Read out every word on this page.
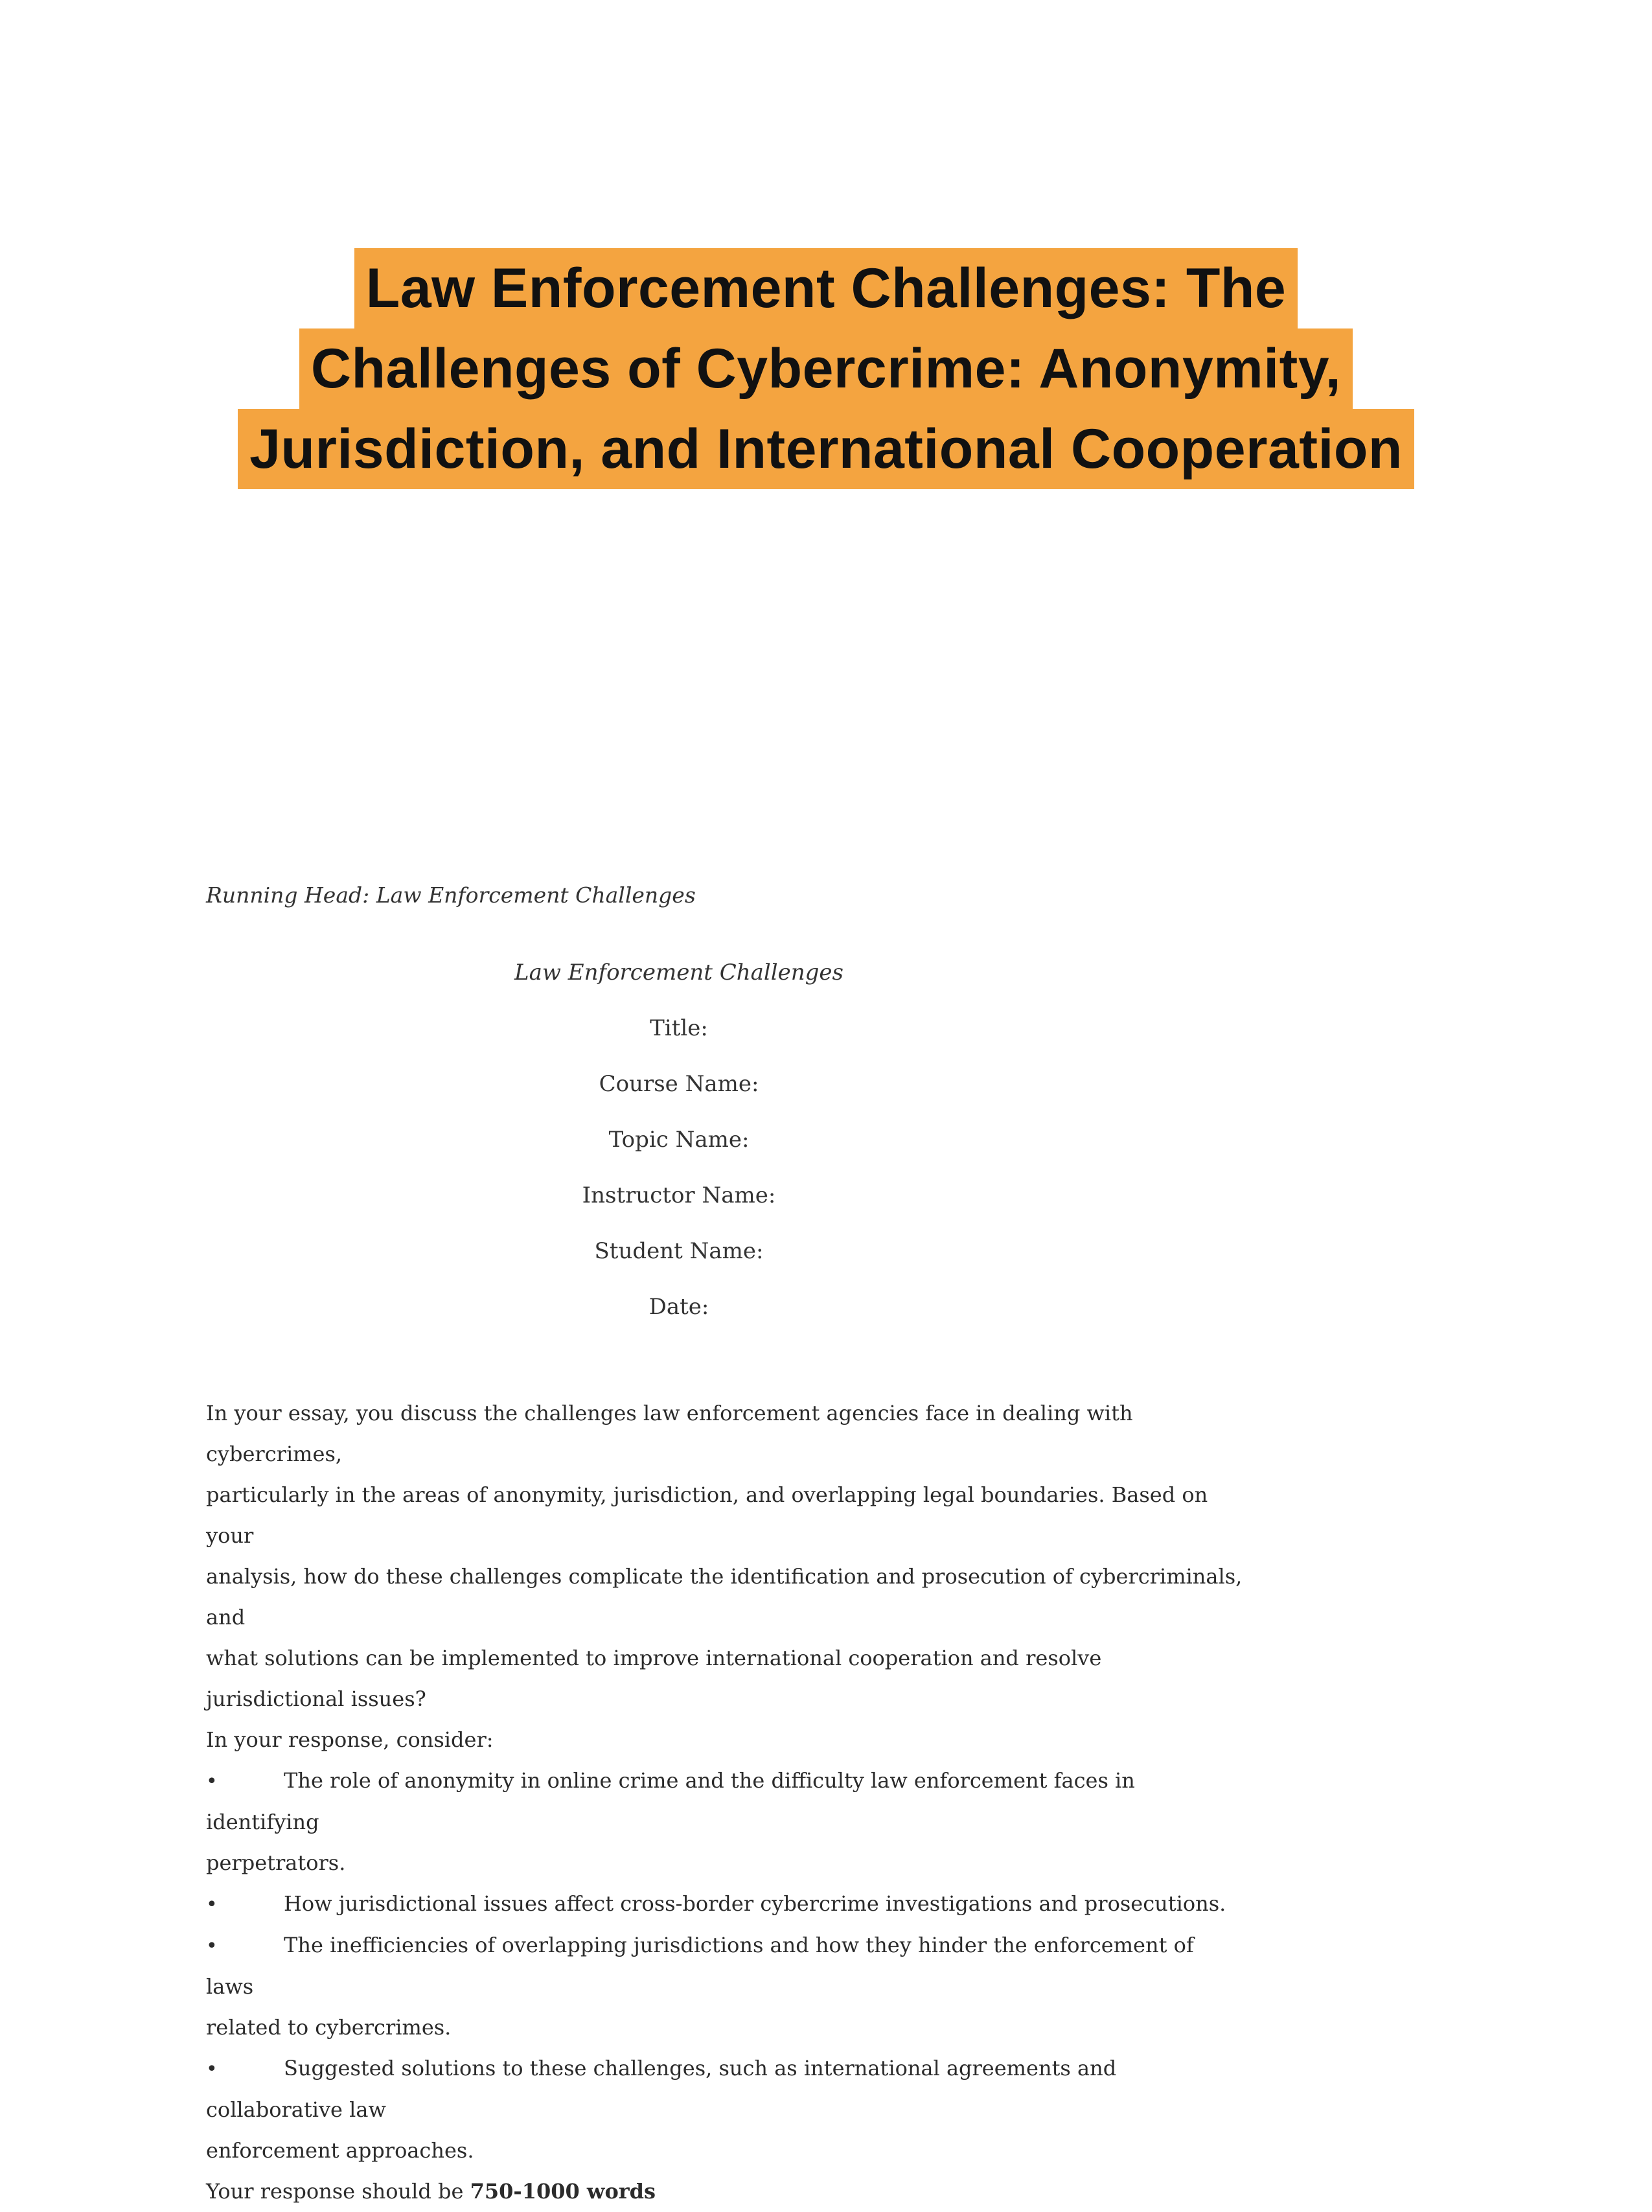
Law Enforcement Challenges: The
Challenges of Cybercrime: Anonymity,
Jurisdiction, and International Cooperation
Running Head: Law Enforcement Challenges
Law Enforcement Challenges
Title:
Course Name:
Topic Name:
Instructor Name:
Student Name:
Date:

In your essay, you discuss the challenges law enforcement agencies face in dealing with cybercrimes,

particularly in the areas of anonymity, jurisdiction, and overlapping legal boundaries. Based on your

analysis, how do these challenges complicate the identification and prosecution of cybercriminals, and

what solutions can be implemented to improve international cooperation and resolve jurisdictional issues?

In your response, consider:

•The role of anonymity in online crime and the difficulty law enforcement faces in identifying

perpetrators.

•How jurisdictional issues affect cross-border cybercrime investigations and prosecutions.

•The inefficiencies of overlapping jurisdictions and how they hinder the enforcement of laws

related to cybercrimes.

•Suggested solutions to these challenges, such as international agreements and collaborative law

enforcement approaches.

Your response should be 750-1000 words
